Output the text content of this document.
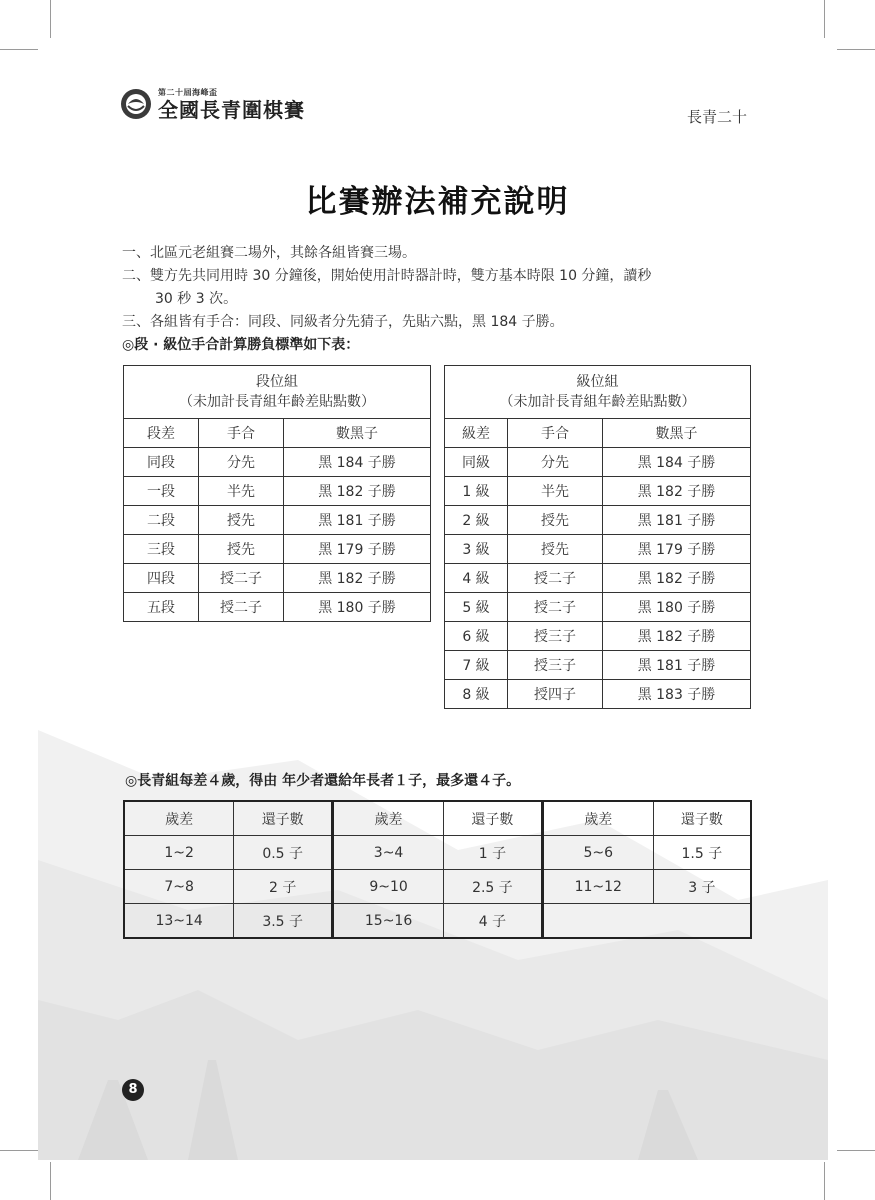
第二十屆海峰盃
全國長青圍棋賽	長青二十
比賽辦法補充說明
一、北區元老組賽二場外，其餘各組皆賽三場。
二、雙方先共同用時 30 分鐘後，開始使用計時器計時，雙方基本時限 10 分鐘，讀秒
30 秒 3 次。
三、各組皆有手合：同段、同級者分先猜子，先貼六點，黑 184 子勝。
◎段 · 級位手合計算勝負標準如下表：
段位組
（未加計長青組年齡差貼點數）		

段差	手合	數黑子
同段	分先	黑 184 子勝
一段	半先	黑 182 子勝
二段	授先	黑 181 子勝
三段	授先	黑 179 子勝
四段	授二子	黑 182 子勝
五段	授二子	黑 180 子勝
級位組
（未加計長青組年齡差貼點數）		

級差	手合	數黑子
同級	分先	黑 184 子勝
1 級	半先	黑 182 子勝
2 級	授先	黑 181 子勝
3 級	授先	黑 179 子勝
4 級	授二子	黑 182 子勝
5 級	授二子	黑 180 子勝
6 級	授三子	黑 182 子勝
7 級	授三子	黑 181 子勝
8 級	授四子	黑 183 子勝
◎長青組每差４歲，得由 年少者還給年長者１子，最多還４子。
歲差	還子數	歲差	還子數	歲差	還子數
1~2	0.5 子	3~4	1 子	5~6	1.5 子
7~8	2 子	9~10	2.5 子	11~12	3 子
13~14	3.5 子	15~16	4 子		
8
